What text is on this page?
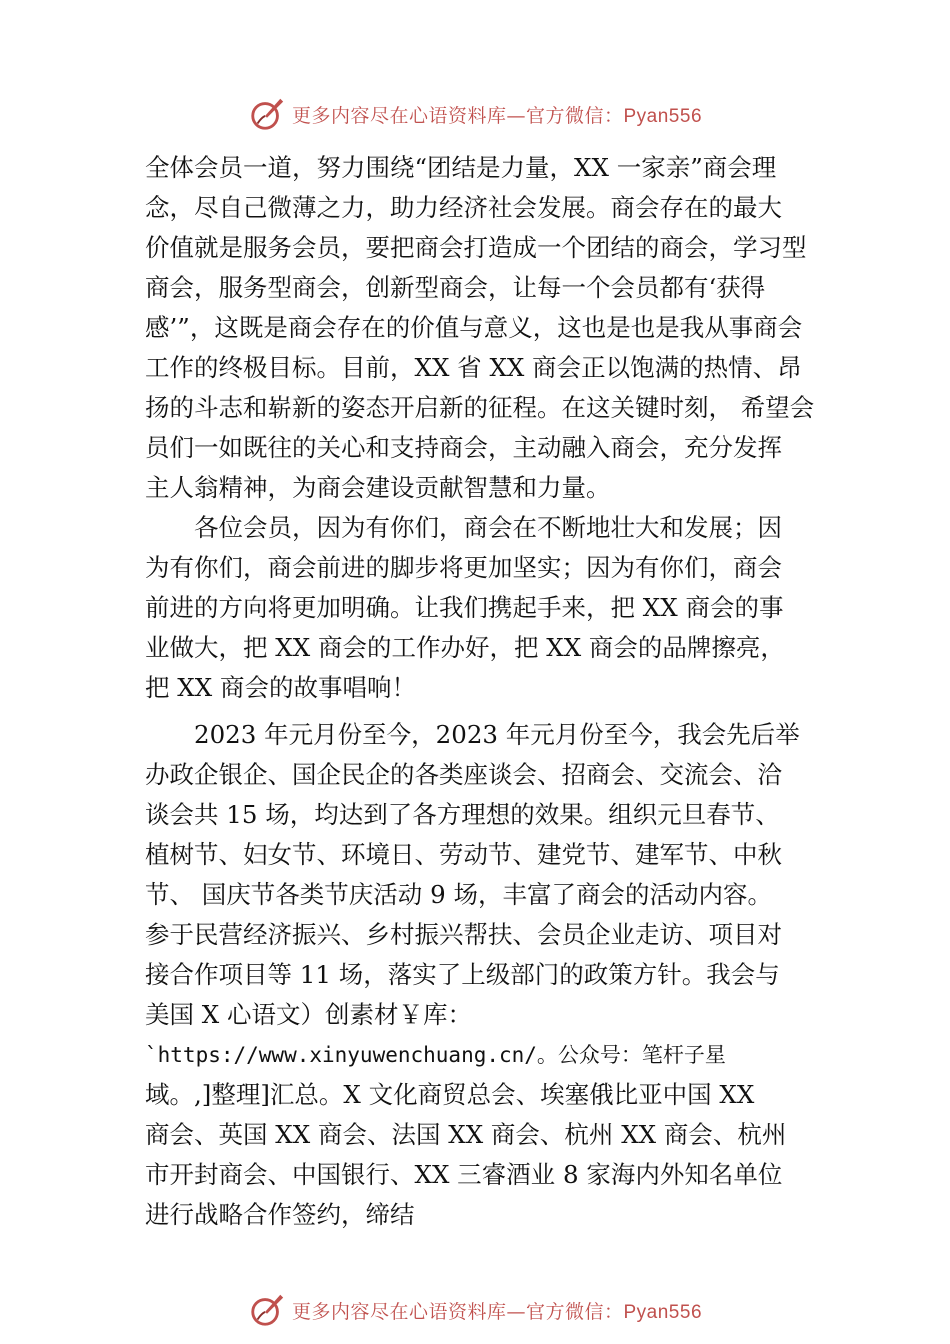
更多内容尽在心语资料库—官方微信：Pyan556
全体会员一道，努力围绕“团结是力量，XX 一家亲”商会理
念，尽自己微薄之力，助力经济社会发展。商会存在的最大
价值就是服务会员，要把商会打造成一个团结的商会，学习型
商会，服务型商会，创新型商会，让每一个会员都有‘获得
感’”，这既是商会存在的价值与意义，这也是也是我从事商会
工作的终极目标。目前，XX 省 XX 商会正以饱满的热情、昂
扬的斗志和崭新的姿态开启新的征程。在这关键时刻， 希望会
员们一如既往的关心和支持商会，主动融入商会，充分发挥
主人翁精神，为商会建设贡献智慧和力量。
　　各位会员，因为有你们，商会在不断地壮大和发展；因
为有你们，商会前进的脚步将更加坚实；因为有你们，商会
前进的方向将更加明确。让我们携起手来，把 XX 商会的事
业做大，把 XX 商会的工作办好，把 XX 商会的品牌擦亮，
把 XX 商会的故事唱响！
　　2023 年元月份至今，2023 年元月份至今，我会先后举
办政企银企、国企民企的各类座谈会、招商会、交流会、洽
谈会共 15 场，均达到了各方理想的效果。组织元旦春节、
植树节、妇女节、环境日、劳动节、建党节、建军节、中秋
节、 国庆节各类节庆活动 9 场，丰富了商会的活动内容。
参于民营经济振兴、乡村振兴帮扶、会员企业走访、项目对
接合作项目等 11 场，落实了上级部门的政策方针。我会与
美国 X 心语文）创素材￥库：
`https://www.xinyuwenchuang.cn/。公众号：笔杆子星
域。,]整理]汇总。X 文化商贸总会、埃塞俄比亚中国 XX
商会、英国 XX 商会、法国 XX 商会、杭州 XX 商会、杭州
市开封商会、中国银行、XX 三睿酒业 8 家海内外知名单位
进行战略合作签约，缔结
更多内容尽在心语资料库—官方微信：Pyan556
